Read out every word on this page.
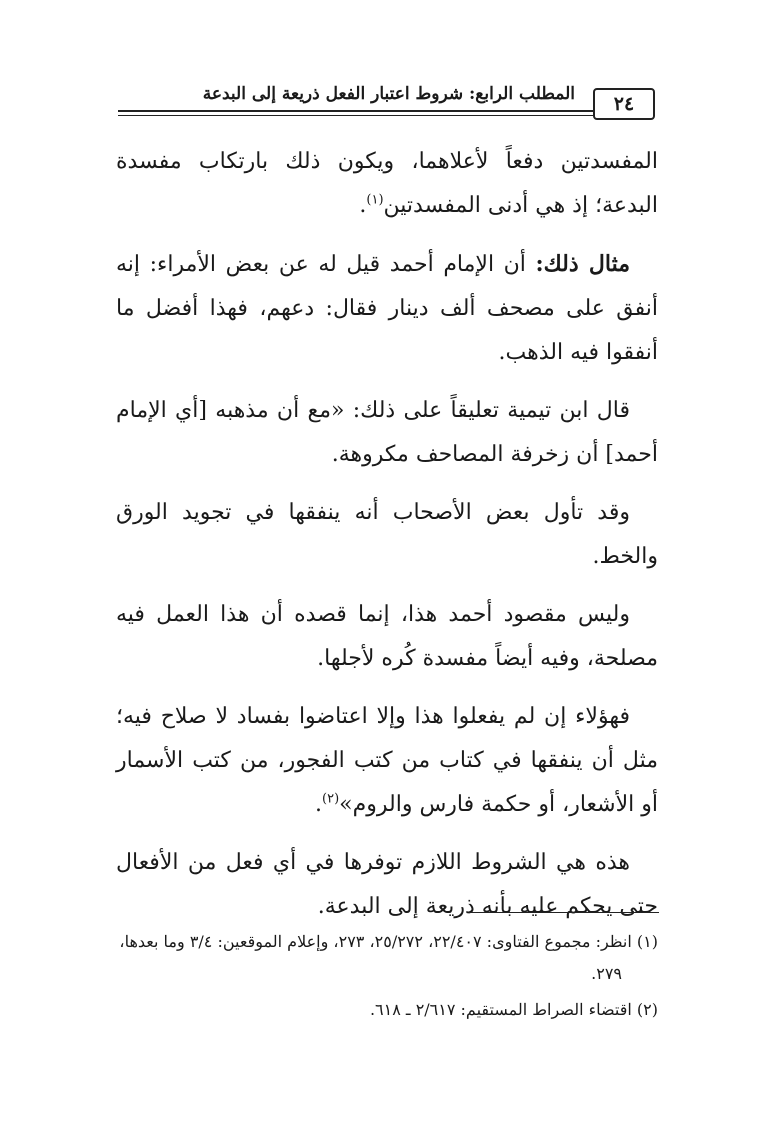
المطلب الرابع: شروط اعتبار الفعل ذريعة إلى البدعة	٢٤

المفسدتين دفعاً لأعلاهما، ويكون ذلك بارتكاب مفسدة البدعة؛ إذ هي أدنى المفسدتين$^{(١)}$.

مثال ذلك: أن الإمام أحمد قيل له عن بعض الأمراء: إنه أنفق على مصحف ألف دينار فقال: دعهم، فهذا أفضل ما أنفقوا فيه الذهب.

قال ابن تيمية تعليقاً على ذلك: «مع أن مذهبه [أي الإمام أحمد] أن زخرفة المصاحف مكروهة.

وقد تأول بعض الأصحاب أنه ينفقها في تجويد الورق والخط.

وليس مقصود أحمد هذا، إنما قصده أن هذا العمل فيه مصلحة، وفيه أيضاً مفسدة كُره لأجلها.

فهؤلاء إن لم يفعلوا هذا وإلا اعتاضوا بفساد لا صلاح فيه؛ مثل أن ينفقها في كتاب من كتب الفجور، من كتب الأسمار أو الأشعار، أو حكمة فارس والروم»$^{(٢)}$.

هذه هي الشروط اللازم توفرها في أي فعل من الأفعال حتى يحكم عليه بأنه ذريعة إلى البدعة.

(١) انظر: مجموع الفتاوى: ٢٢/٤٠٧، ٢٥/٢٧٢، ٢٧٣، وإعلام الموقعين: ٣/٤ وما بعدها، ٢٧٩.
(٢) اقتضاء الصراط المستقيم: ٢/٦١٧ ـ ٦١٨.
